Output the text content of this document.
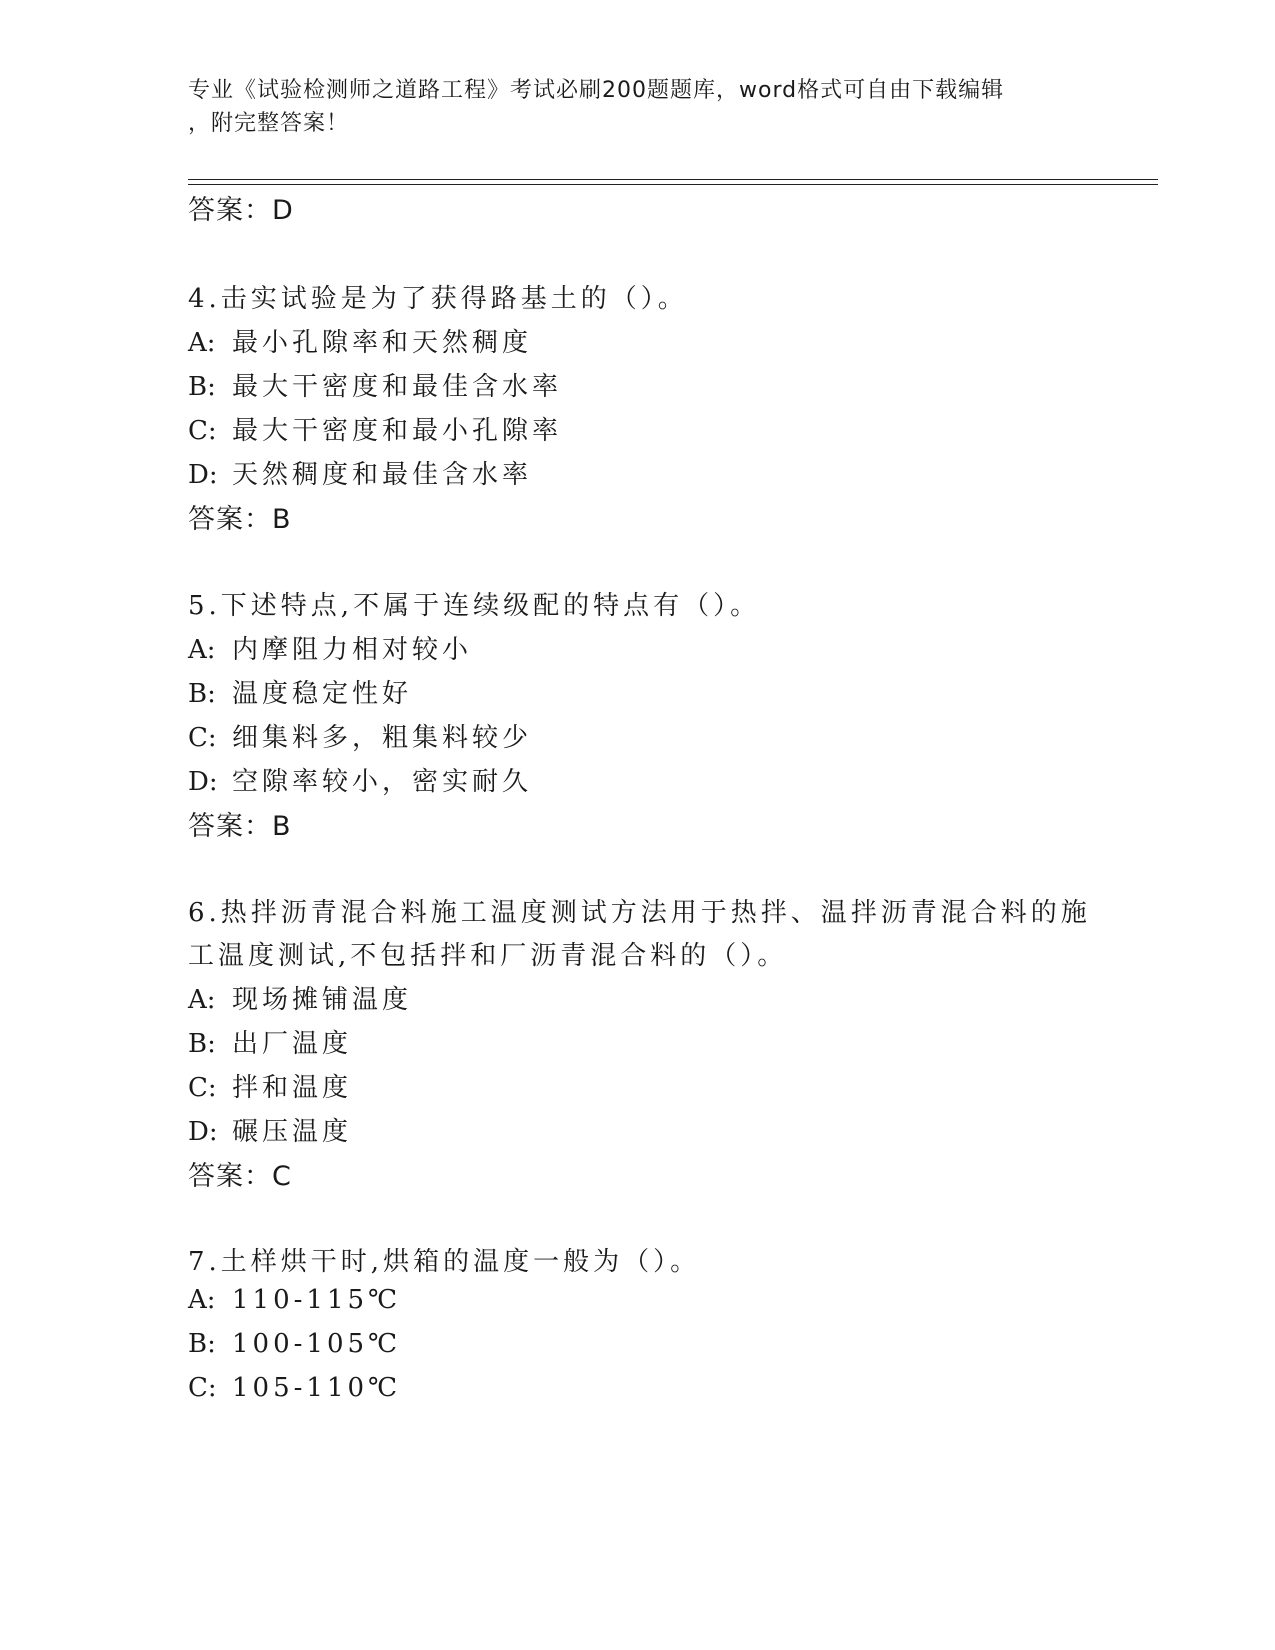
专业《试验检测师之道路工程》考试必刷200题题库，word格式可自由下载编辑
，附完整答案！
答案：D
4.击实试验是为了获得路基土的（）。
A: 最小孔隙率和天然稠度
B: 最大干密度和最佳含水率
C: 最大干密度和最小孔隙率
D: 天然稠度和最佳含水率
答案：B
5.下述特点,不属于连续级配的特点有（）。
A: 内摩阻力相对较小
B: 温度稳定性好
C: 细集料多，粗集料较少
D: 空隙率较小，密实耐久
答案：B
6.热拌沥青混合料施工温度测试方法用于热拌、温拌沥青混合料的施
工温度测试,不包括拌和厂沥青混合料的（）。
A: 现场摊铺温度
B: 出厂温度
C: 拌和温度
D: 碾压温度
答案：C
7.土样烘干时,烘箱的温度一般为（）。
A: 110-115℃
B: 100-105℃
C: 105-110℃
